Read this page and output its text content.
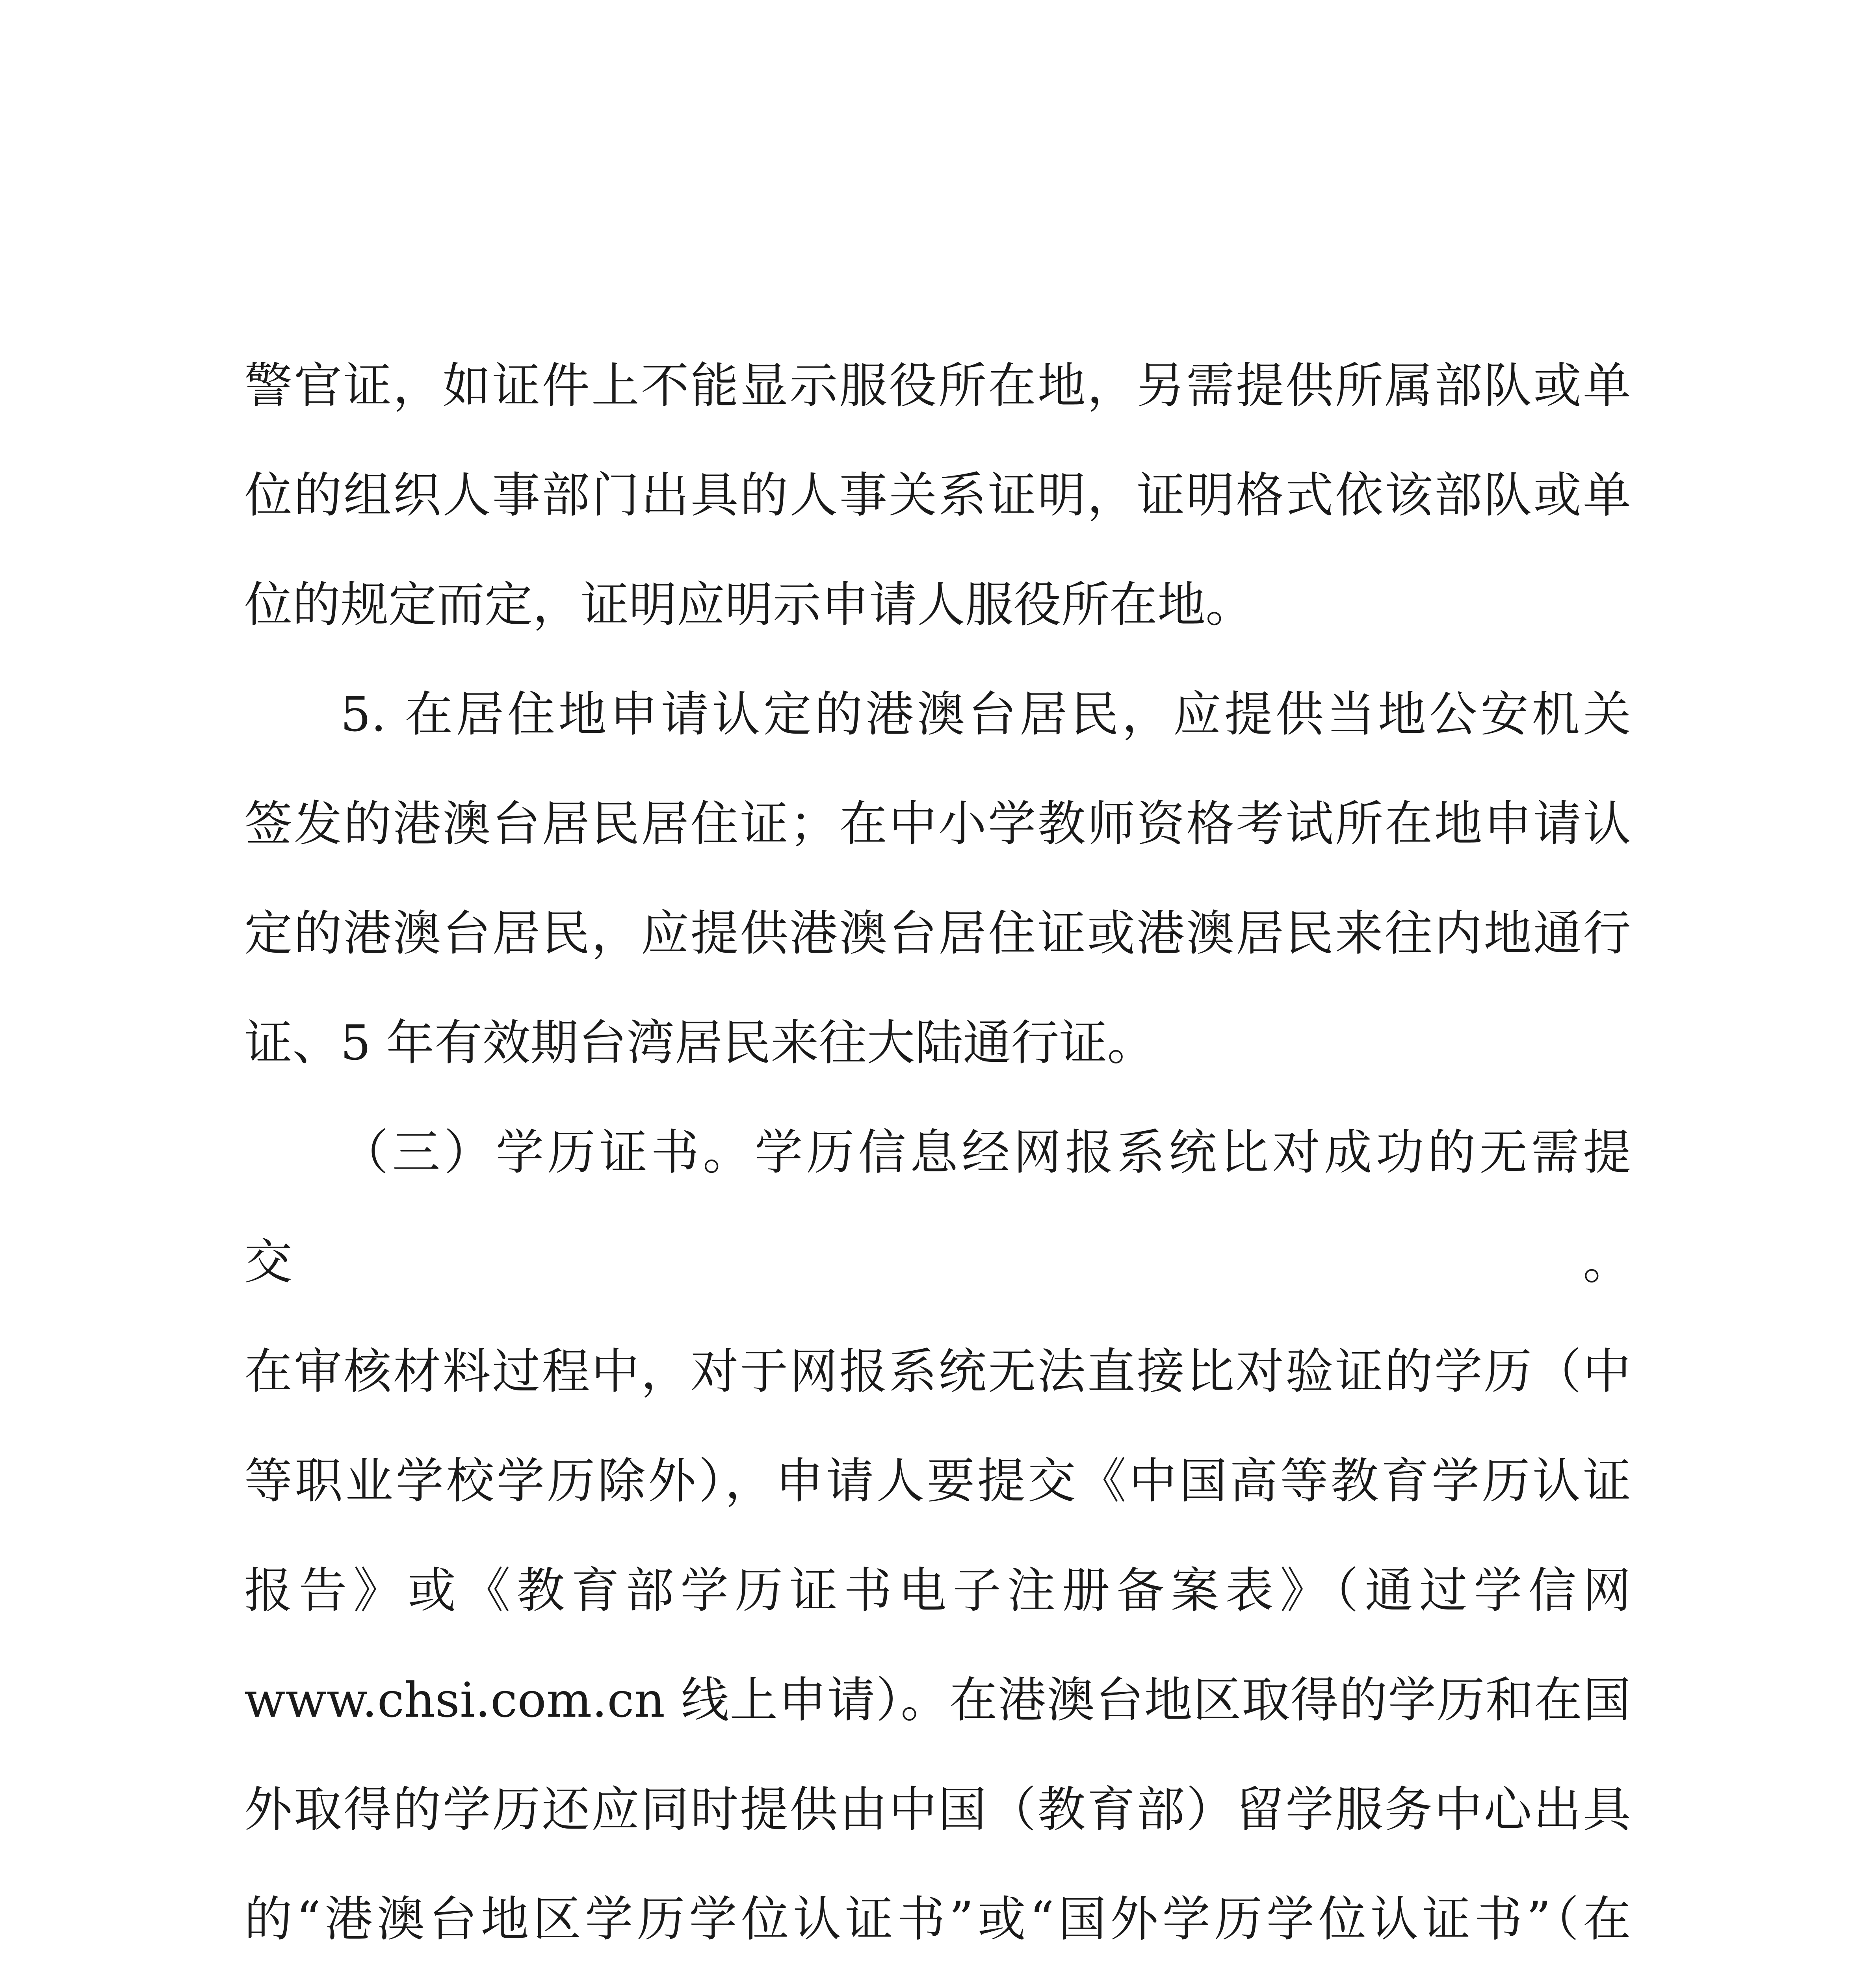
警官证，如证件上不能显示服役所在地，另需提供所属部队或单

位的组织人事部门出具的人事关系证明，证明格式依该部队或单

位的规定而定，证明应明示申请人服役所在地。

5. 在居住地申请认定的港澳台居民，应提供当地公安机关

签发的港澳台居民居住证；在中小学教师资格考试所在地申请认

定的港澳台居民，应提供港澳台居住证或港澳居民来往内地通行

证、5 年有效期台湾居民来往大陆通行证。

（三）学历证书。学历信息经网报系统比对成功的无需提交。

在审核材料过程中，对于网报系统无法直接比对验证的学历（中

等职业学校学历除外），申请人要提交《中国高等教育学历认证

报告》或《教育部学历证书电子注册备案表》（通过学信网

www.chsi.com.cn 线上申请）。在港澳台地区取得的学历和在国

外取得的学历还应同时提供由中国（教育部）留学服务中心出具

的“港澳台地区学历学位认证书”或“国外学历学位认证书”（在
